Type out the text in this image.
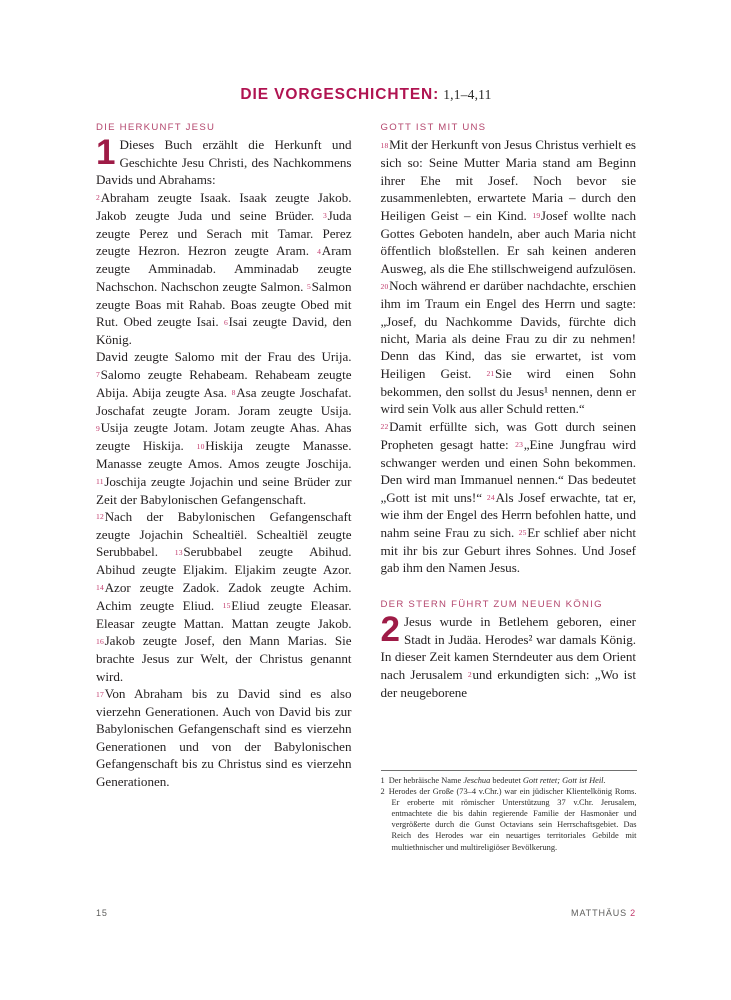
DIE VORGESCHICHTEN: 1,1–4,11
DIE HERKUNFT JESU

1 Dieses Buch erzählt die Herkunft und Geschichte Jesu Christi, des Nachkommens Davids und Abrahams:

2Abraham zeugte Isaak. Isaak zeugte Jakob. Jakob zeugte Juda und seine Brüder. 3Juda zeugte Perez und Serach mit Tamar. Perez zeugte Hezron. Hezron zeugte Aram. 4Aram zeugte Amminadab. Amminadab zeugte Nachschon. Nachschon zeugte Salmon. 5Salmon zeugte Boas mit Rahab. Boas zeugte Obed mit Rut. Obed zeugte Isai. 6Isai zeugte David, den König.

David zeugte Salomo mit der Frau des Urija. 7Salomo zeugte Rehabeam. Rehabeam zeugte Abija. Abija zeugte Asa. 8Asa zeugte Joschafat. Joschafat zeugte Joram. Joram zeugte Usija. 9Usija zeugte Jotam. Jotam zeugte Ahas. Ahas zeugte Hiskija. 10Hiskija zeugte Manasse. Manasse zeugte Amos. Amos zeugte Joschija. 11Joschija zeugte Jojachin und seine Brüder zur Zeit der Babylonischen Gefangenschaft.

12Nach der Babylonischen Gefangenschaft zeugte Jojachin Schealtiël. Schealtiël zeugte Serubbabel. 13Serubbabel zeugte Abihud. Abihud zeugte Eljakim. Eljakim zeugte Azor. 14Azor zeugte Zadok. Zadok zeugte Achim. Achim zeugte Eliud. 15Eliud zeugte Eleasar. Eleasar zeugte Mattan. Mattan zeugte Jakob. 16Jakob zeugte Josef, den Mann Marias. Sie brachte Jesus zur Welt, der Christus genannt wird.

17Von Abraham bis zu David sind es also vierzehn Generationen. Auch von David bis zur Babylonischen Gefangenschaft sind es vierzehn Generationen und von der Babylonischen Gefangenschaft bis zu Christus sind es vierzehn Generationen.

GOTT IST MIT UNS

18Mit der Herkunft von Jesus Christus verhielt es sich so: Seine Mutter Maria stand am Beginn ihrer Ehe mit Josef. Noch bevor sie zusammenlebten, erwartete Maria – durch den Heiligen Geist – ein Kind. 19Josef wollte nach Gottes Geboten handeln, aber auch Maria nicht öffentlich bloßstellen. Er sah keinen anderen Ausweg, als die Ehe stillschweigend aufzulösen. 20Noch während er darüber nachdachte, erschien ihm im Traum ein Engel des Herrn und sagte: „Josef, du Nachkomme Davids, fürchte dich nicht, Maria als deine Frau zu dir zu nehmen! Denn das Kind, das sie erwartet, ist vom Heiligen Geist. 21Sie wird einen Sohn bekommen, den sollst du Jesus¹ nennen, denn er wird sein Volk aus aller Schuld retten.“

22Damit erfüllte sich, was Gott durch seinen Propheten gesagt hatte: 23„Eine Jungfrau wird schwanger werden und einen Sohn bekommen. Den wird man Immanuel nennen.“ Das bedeutet „Gott ist mit uns!“ 24Als Josef erwachte, tat er, wie ihm der Engel des Herrn befohlen hatte, und nahm seine Frau zu sich. 25Er schlief aber nicht mit ihr bis zur Geburt ihres Sohnes. Und Josef gab ihm den Namen Jesus.

DER STERN FÜHRT ZUM NEUEN KÖNIG

2 Jesus wurde in Betlehem geboren, einer Stadt in Judäa. Herodes² war damals König. In dieser Zeit kamen Sterndeuter aus dem Orient nach Jerusalem 2und erkundigten sich: „Wo ist der neugeborene

1 Der hebräische Name Jeschua bedeutet Gott rettet; Gott ist Heil.

2 Herodes der Große (73–4 v.Chr.) war ein jüdischer Klientelkönig Roms. Er eroberte mit römischer Unterstützung 37 v.Chr. Jerusalem, entmachtete die bis dahin regierende Familie der Hasmonäer und vergrößerte durch die Gunst Octavians sein Herrschaftsgebiet. Das Reich des Herodes war ein neuartiges territoriales Gebilde mit multiethnischer und multireligiöser Bevölkerung.

15	MATTHÄUS 2
